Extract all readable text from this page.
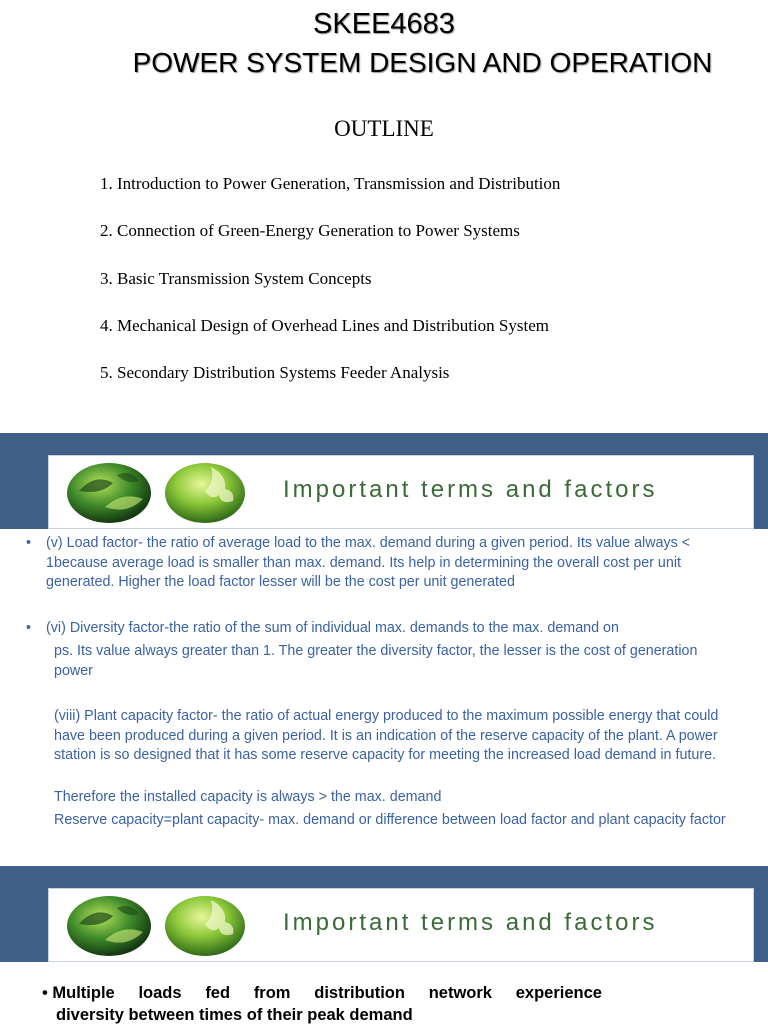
SKEE4683
POWER SYSTEM DESIGN AND OPERATION
OUTLINE
1. Introduction to Power Generation, Transmission and Distribution
2. Connection of Green-Energy Generation to Power Systems
3. Basic Transmission System Concepts
4. Mechanical Design of Overhead Lines and Distribution System
5. Secondary Distribution Systems Feeder Analysis
Important terms and factors
• (v) Load factor- the ratio of average load to the max. demand during a given period. Its value always < 1because average load is smaller than max. demand. Its help in determining the overall cost per unit generated. Higher the load factor lesser will be the cost per unit generated
• (vi) Diversity factor-the ratio of the sum of individual max. demands to the max. demand on
ps. Its value always greater than 1. The greater the diversity factor, the lesser is the cost of generation power
(viii) Plant capacity factor- the ratio of actual energy produced to the maximum possible energy that could have been produced during a given period. It is an indication of the reserve capacity of the plant. A power station is so designed that it has some reserve capacity for meeting the increased load demand in future.
Therefore the installed capacity is always > the max. demand
Reserve capacity=plant capacity- max. demand or difference between load factor and plant capacity factor
Important terms and factors
• Multiple loads fed from distribution network experience
diversity between times of their peak demand
